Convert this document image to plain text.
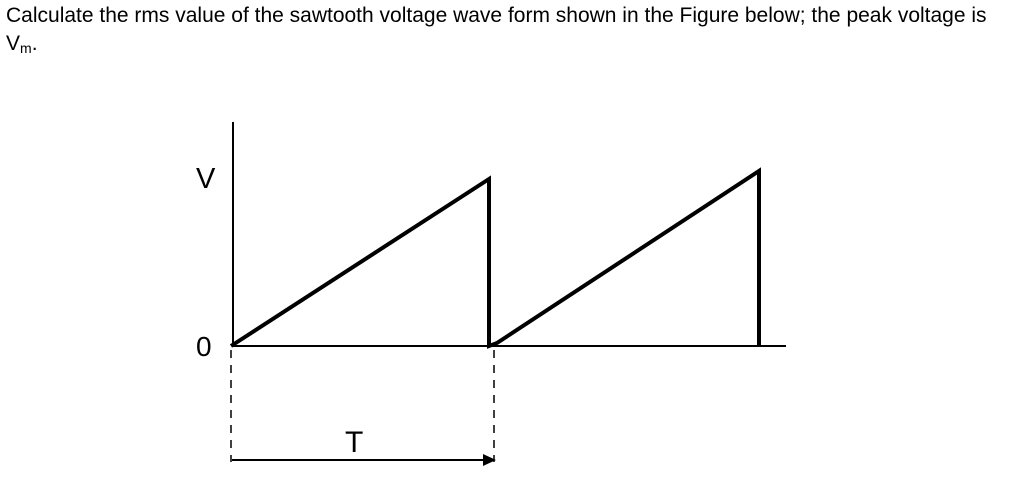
Calculate the rms value of the sawtooth voltage wave form shown in the Figure below; the peak voltage is $V_m$.

V
0
T
